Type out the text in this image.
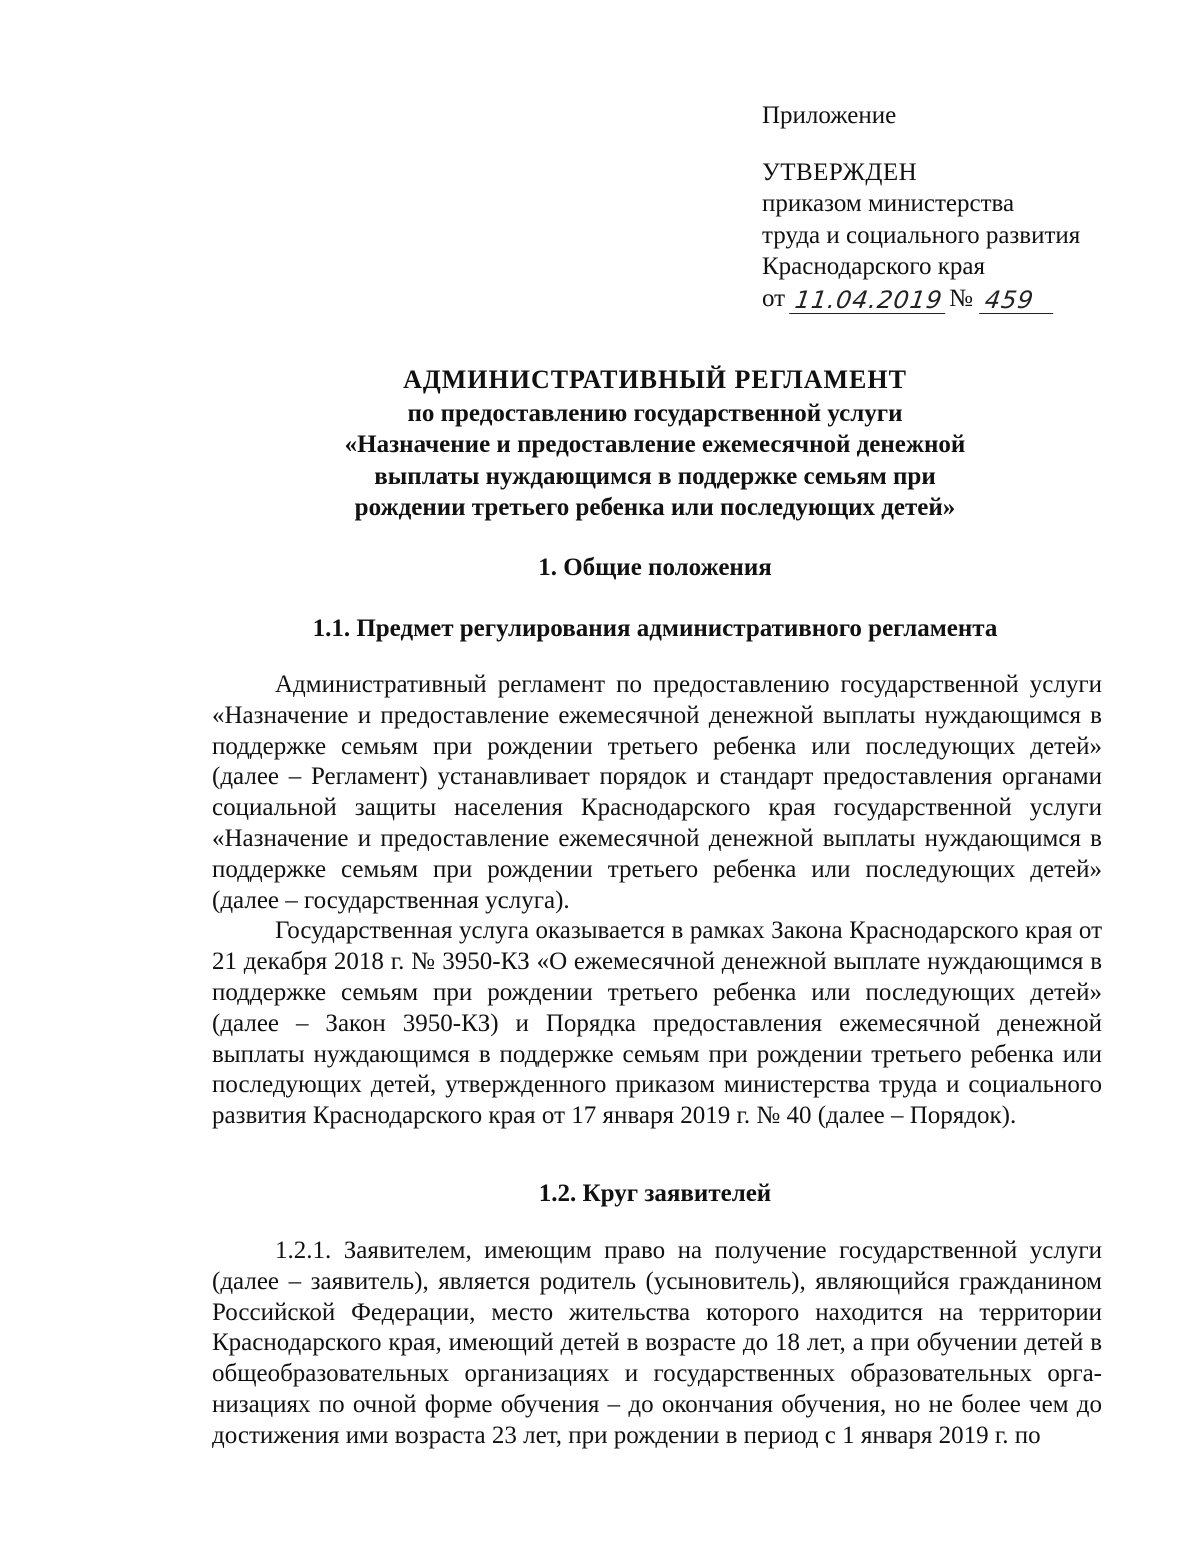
Приложение
УТВЕРЖДЕН
приказом министерства
труда и социального развития
Краснодарского края
от 11.04.2019 № 459
АДМИНИСТРАТИВНЫЙ РЕГЛАМЕНТ
по предоставлению государственной услуги
«Назначение и предоставление ежемесячной денежной
выплаты нуждающимся в поддержке семьям при
рождении третьего ребенка или последующих детей»
1. Общие положения
1.1. Предмет регулирования административного регламента

Административный регламент по предоставлению государственной услуги «Назначение и предоставление ежемесячной денежной выплаты нуждающимся в поддержке семьям при рождении третьего ребенка или последующих детей» (далее – Регламент) устанавливает порядок и стандарт предоставления органами социальной защиты населения Краснодарского края государственной услуги «Назначение и предоставление ежемесячной денежной выплаты нуждающимся в поддержке семьям при рождении третьего ребенка или последующих детей» (далее – государственная услуга).

Государственная услуга оказывается в рамках Закона Краснодарского края от 21 декабря 2018 г. № 3950-КЗ «О ежемесячной денежной выплате нуждающимся в поддержке семьям при рождении третьего ребенка или последующих детей» (далее – Закон 3950-КЗ) и Порядка предоставления ежемесячной денежной выплаты нуждающимся в поддержке семьям при рождении третьего ребенка или последующих детей, утвержденного приказом министерства труда и социального развития Краснодарского края от 17 января 2019 г. № 40 (далее – Порядок).

1.2. Круг заявителей

1.2.1. Заявителем, имеющим право на получение государственной услуги (далее – заявитель), является родитель (усыновитель), являющийся гражданином Российской Федерации, место жительства которого находится на территории Краснодарского края, имеющий детей в возрасте до 18 лет, а при обучении детей в общеобразовательных организациях и государственных образовательных организациях по очной форме обучения – до окончания обучения, но не более чем до достижения ими возраста 23 лет, при рождении в период с 1 января 2019 г. по
